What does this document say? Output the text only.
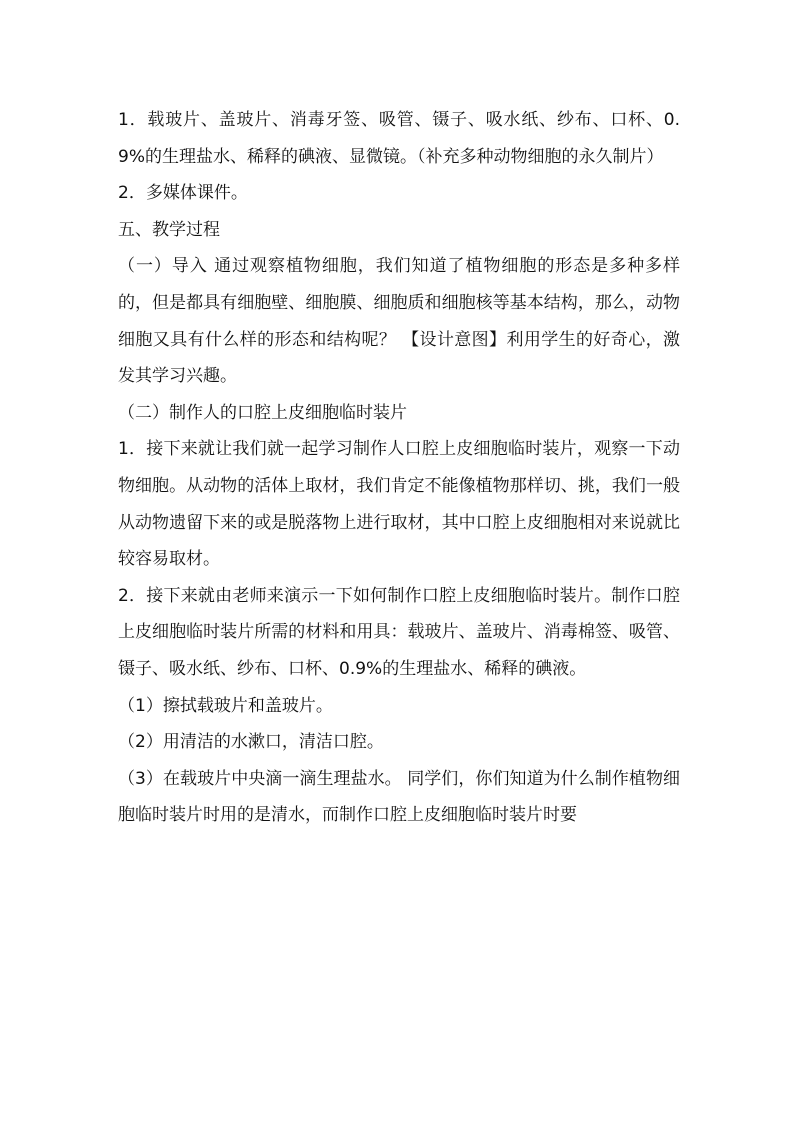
1．载玻片、盖玻片、消毒牙签、吸管、镊子、吸水纸、纱布、口杯、0.9%的生理盐水、稀释的碘液、显微镜。（补充多种动物细胞的永久制片）

2．多媒体课件。

五、教学过程

（一）导入 通过观察植物细胞，我们知道了植物细胞的形态是多种多样的，但是都具有细胞壁、细胞膜、细胞质和细胞核等基本结构，那么，动物细胞又具有什么样的形态和结构呢？ 【设计意图】利用学生的好奇心，激发其学习兴趣。

（二）制作人的口腔上皮细胞临时装片

1．接下来就让我们就一起学习制作人口腔上皮细胞临时装片，观察一下动物细胞。从动物的活体上取材，我们肯定不能像植物那样切、挑，我们一般从动物遗留下来的或是脱落物上进行取材，其中口腔上皮细胞相对来说就比较容易取材。

2．接下来就由老师来演示一下如何制作口腔上皮细胞临时装片。制作口腔上皮细胞临时装片所需的材料和用具：载玻片、盖玻片、消毒棉签、吸管、镊子、吸水纸、纱布、口杯、0.9%的生理盐水、稀释的碘液。

（1）擦拭载玻片和盖玻片。

（2）用清洁的水漱口，清洁口腔。

（3）在载玻片中央滴一滴生理盐水。 同学们，你们知道为什么制作植物细胞临时装片时用的是清水，而制作口腔上皮细胞临时装片时要
